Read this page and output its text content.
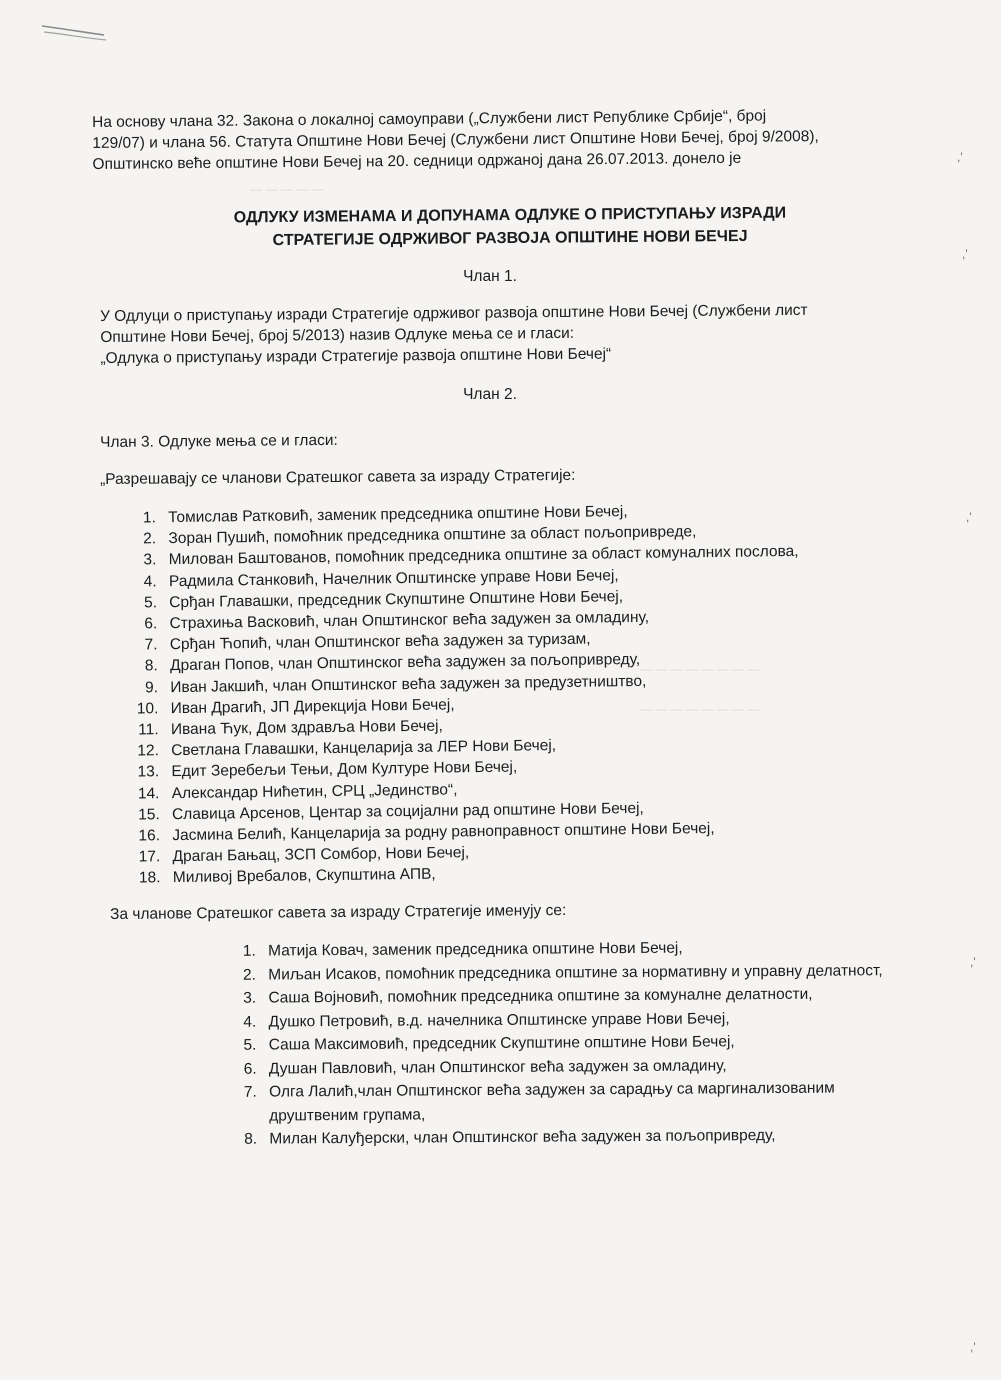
,'
,'
,'
,'
,'
— — — — —
— — — — — — — —
— — — — — — — —
На основу члана 32. Закона о локалној самоуправи („Службени лист Републике Србије“, број
129/07) и члана 56. Статута Општине Нови Бечеј (Службени лист Општине Нови Бечеј, број 9/2008),
Општинско веће општине Нови Бечеј на 20. седници одржаној дана 26.07.2013. донело је
ОДЛУКУ ИЗМЕНАМА И ДОПУНАМА ОДЛУКЕ О ПРИСТУПАЊУ ИЗРАДИ
СТРАТЕГИЈЕ ОДРЖИВОГ РАЗВОЈА ОПШТИНЕ НОВИ БЕЧЕЈ
Члан 1.
У Одлуци о приступању изради Стратегије одрживог развоја општине Нови Бечеј (Службени лист
Општине Нови Бечеј, број 5/2013) назив Одлуке мења се и гласи:
„Одлука о приступању изради Стратегије развоја општине Нови Бечеј“
Члан 2.
Члан 3. Одлуке мења се и гласи:
„Разрешавају се чланови Сратешког савета за израду Стратегије:
1. Томислав Ратковић, заменик председника општине Нови Бечеј,
2. Зоран Пушић, помоћник председника општине за област пољопривреде,
3. Милован Баштованов, помоћник председника општине за област комуналних послова,
4. Радмила Станковић, Начелник Општинске управе Нови Бечеј,
5. Срђан Главашки, председник Скупштине Општине Нови Бечеј,
6. Страхиња Васковић, члан Општинског већа задужен за омладину,
7. Срђан Ћопић, члан Општинског већа задужен за туризам,
8. Драган Попов, члан Општинског већа задужен за пољопривреду,
9. Иван Јакшић, члан Општинског већа задужен за предузетништво,
10. Иван Драгић, ЈП Дирекција Нови Бечеј,
11. Ивана Ћук, Дом здравља Нови Бечеј,
12. Светлана Главашки, Канцеларија за ЛЕР Нови Бечеј,
13. Едит Зеребељи Тењи, Дом Културе Нови Бечеј,
14. Александар Нићетин, СРЦ „Јединство“,
15. Славица Арсенов, Центар за социјални рад општине Нови Бечеј,
16. Јасмина Белић, Канцеларија за родну равноправност општине Нови Бечеј,
17. Драган Бањац, ЗСП Сомбор, Нови Бечеј,
18. Миливој Вребалов, Скупштина АПВ,
За чланове Сратешког савета за израду Стратегије именују се:
1. Матија Ковач, заменик председника општине Нови Бечеј,
2. Миљан Исаков, помоћник председника општине за нормативну и управну делатност,
3. Саша Војновић, помоћник председника општине за комуналне делатности,
4. Душко Петровић, в.д. начелника Општинске управе Нови Бечеј,
5. Саша Максимовић, председник Скупштине општине Нови Бечеј,
6. Душан Павловић, члан Општинског већа задужен за омладину,
7. Олга Лалић,члан Општинског већа задужен за сарадњу са маргинализованим друштвеним групама,
8. Милан Калуђерски, члан Општинског већа задужен за пољопривреду,
